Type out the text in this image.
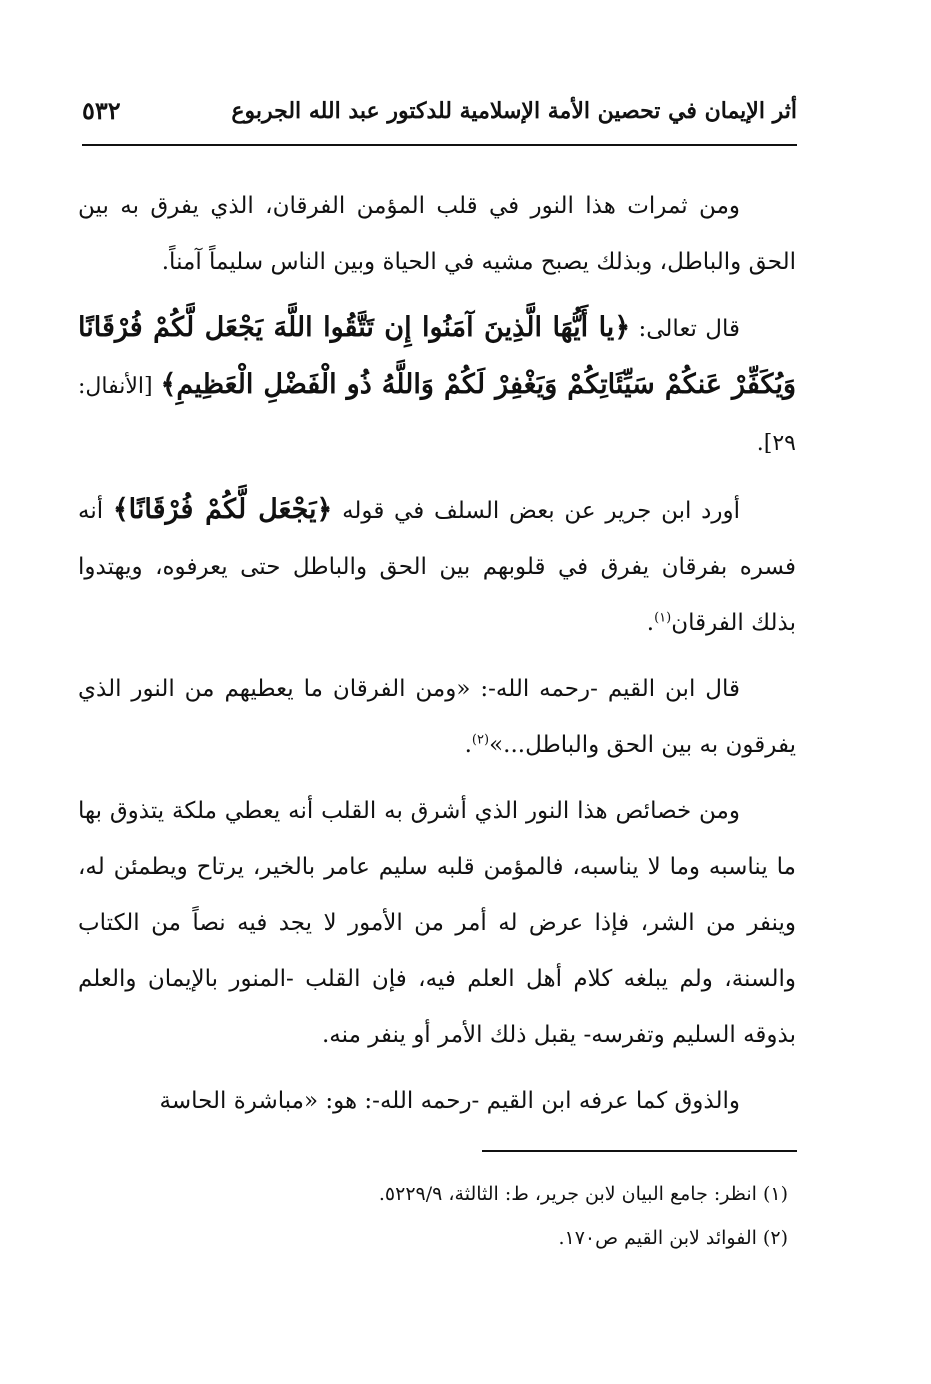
أثر الإيمان في تحصين الأمة الإسلامية للدكتور عبد الله الجربوع
٥٣٢

ومن ثمرات هذا النور في قلب المؤمن الفرقان، الذي يفرق به بين الحق والباطل، وبذلك يصبح مشيه في الحياة وبين الناس سليماً آمناً.

قال تعالى: ﴿يا أَيُّهَا الَّذِينَ آمَنُوا إِن تَتَّقُوا اللَّهَ يَجْعَل لَّكُمْ فُرْقَانًا وَيُكَفِّرْ عَنكُمْ سَيِّئَاتِكُمْ وَيَغْفِرْ لَكُمْ وَاللَّهُ ذُو الْفَضْلِ الْعَظِيمِ﴾ [الأنفال: ٢٩].

أورد ابن جرير عن بعض السلف في قوله ﴿يَجْعَل لَّكُمْ فُرْقَانًا﴾ أنه فسره بفرقان يفرق في قلوبهم بين الحق والباطل حتى يعرفوه، ويهتدوا بذلك الفرقان$^{(١)}$.

قال ابن القيم -رحمه الله-: «ومن الفرقان ما يعطيهم من النور الذي يفرقون به بين الحق والباطل...»$^{(٢)}$.

ومن خصائص هذا النور الذي أشرق به القلب أنه يعطي ملكة يتذوق بها ما يناسبه وما لا يناسبه، فالمؤمن قلبه سليم عامر بالخير، يرتاح ويطمئن له، وينفر من الشر، فإذا عرض له أمر من الأمور لا يجد فيه نصاً من الكتاب والسنة، ولم يبلغه كلام أهل العلم فيه، فإن القلب -المنور بالإيمان والعلم بذوقه السليم وتفرسه- يقبل ذلك الأمر أو ينفر منه.

والذوق كما عرفه ابن القيم -رحمه الله-: هو: «مباشرة الحاسة

(١) انظر: جامع البيان لابن جرير، ط: الثالثة، ٥٢٢٩/٩.

(٢) الفوائد لابن القيم ص١٧٠.
